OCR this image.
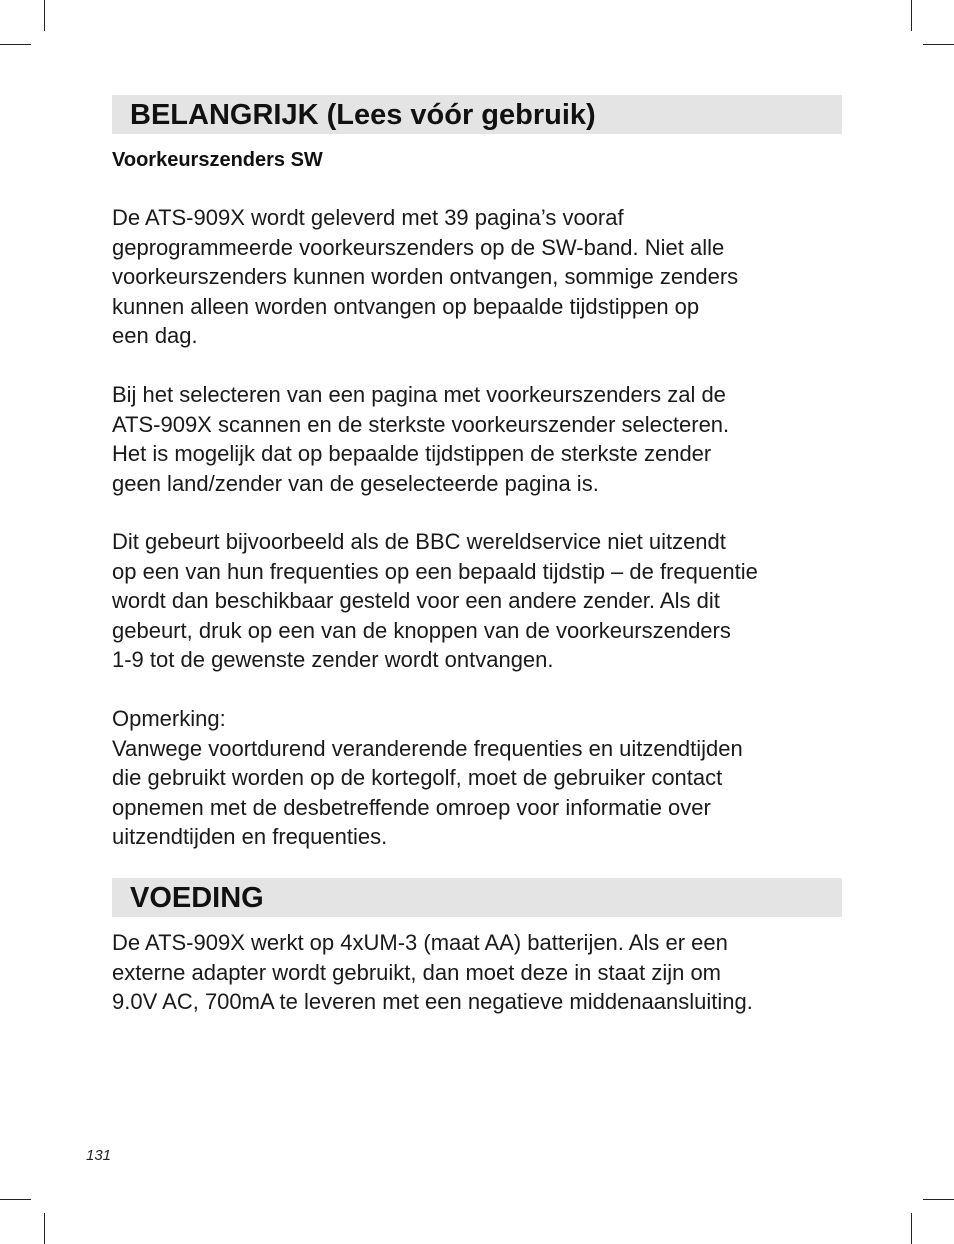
BELANGRIJK (Lees vóór gebruik)
Voorkeurszenders SW
De ATS-909X wordt geleverd met 39 pagina’s vooraf
geprogrammeerde voorkeurszenders op de SW-band. Niet alle
voorkeurszenders kunnen worden ontvangen, sommige zenders
kunnen alleen worden ontvangen op bepaalde tijdstippen op
een dag.
Bij het selecteren van een pagina met voorkeurszenders zal de
ATS-909X scannen en de sterkste voorkeurszender selecteren.
Het is mogelijk dat op bepaalde tijdstippen de sterkste zender
geen land/zender van de geselecteerde pagina is.
Dit gebeurt bijvoorbeeld als de BBC wereldservice niet uitzendt
op een van hun frequenties op een bepaald tijdstip – de frequentie
wordt dan beschikbaar gesteld voor een andere zender. Als dit
gebeurt, druk op een van de knoppen van de voorkeurszenders
1-9 tot de gewenste zender wordt ontvangen.
Opmerking:
Vanwege voortdurend veranderende frequenties en uitzendtijden
die gebruikt worden op de kortegolf, moet de gebruiker contact
opnemen met de desbetreffende omroep voor informatie over
uitzendtijden en frequenties.
VOEDING
De ATS-909X werkt op 4xUM-3 (maat AA) batterijen. Als er een
externe adapter wordt gebruikt, dan moet deze in staat zijn om
9.0V AC, 700mA te leveren met een negatieve middenaansluiting.
131
